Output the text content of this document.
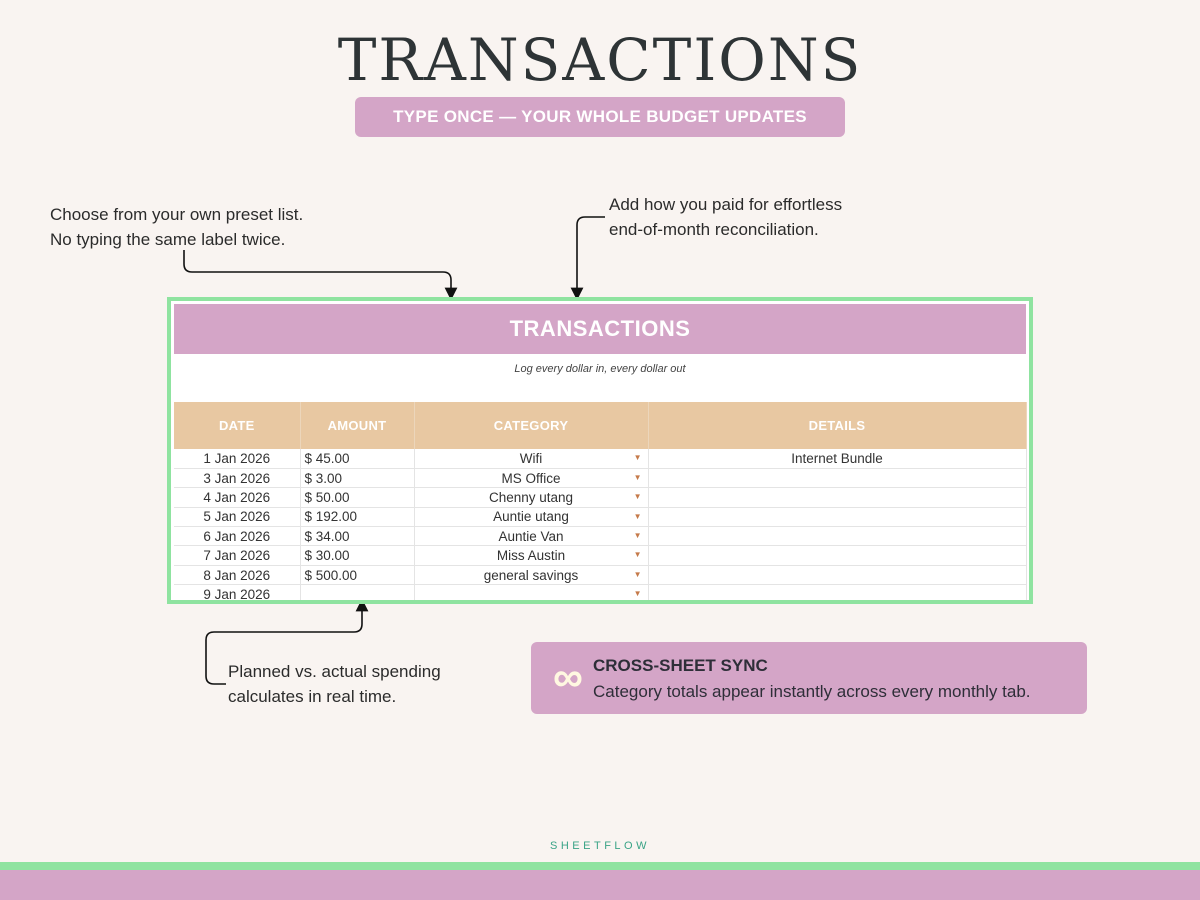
TRANSACTIONS
TYPE ONCE — YOUR WHOLE BUDGET UPDATES
Choose from your own preset list.
No typing the same label twice.
Add how you paid for effortless
end-of-month reconciliation.
Planned vs. actual spending
calculates in real time.
TRANSACTIONS
Log every dollar in, every dollar out
DATE	AMOUNT	CATEGORY	DETAILS
1 Jan 2026	$ 45.00	Wifi ▼	Internet Bundle
3 Jan 2026	$ 3.00	MS Office ▼	

4 Jan 2026	$ 50.00	Chenny utang ▼	

5 Jan 2026	$ 192.00	Auntie utang ▼	

6 Jan 2026	$ 34.00	Auntie Van ▼	

7 Jan 2026	$ 30.00	Miss Austin ▼	

8 Jan 2026	$ 500.00	general savings ▼	

9 Jan 2026		▼	

∞ CROSS-SHEET SYNC
Category totals appear instantly across every monthly tab.
SHEETFLOW
